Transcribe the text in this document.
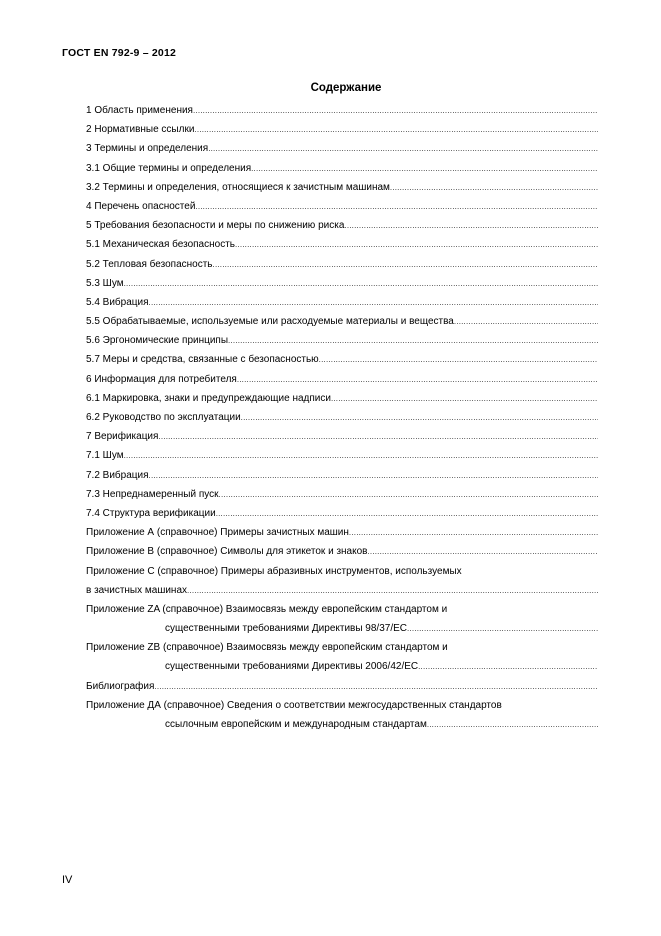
ГОСТ EN 792-9 – 2012
Содержание
1 Область применения
.....
2 Нормативные ссылки
.....
3 Термины и определения
.....
3.1 Общие термины и определения
.....
3.2 Термины и определения, относящиеся к зачистным машинам
.....
4 Перечень опасностей
.....
5 Требования безопасности и меры по снижению риска
.....
5.1 Механическая безопасность
.....
5.2 Тепловая безопасность
.....
5.3 Шум
.....
5.4 Вибрация
.....
5.5 Обрабатываемые, используемые или расходуемые материалы и вещества
.....
5.6 Эргономические принципы
.....
5.7 Меры и средства, связанные с безопасностью
.....
6 Информация для потребителя
.....
6.1 Маркировка, знаки и предупреждающие надписи
.....
6.2 Руководство по эксплуатации
.....
7 Верификация
.....
7.1 Шум
.....
7.2 Вибрация
.....
7.3 Непреднамеренный пуск
.....
7.4 Структура верификации
.....
Приложение А (справочное) Примеры зачистных машин
.....
Приложение В (справочное) Символы для этикеток и знаков
.....
Приложение С (справочное) Примеры абразивных инструментов, используемых
в зачистных машинах
.....
Приложение ZA (справочное) Взаимосвязь между европейским стандартом и
существенными требованиями Директивы 98/37/ЕС
.....
Приложение ZB (справочное) Взаимосвязь между европейским стандартом и
существенными требованиями Директивы 2006/42/ЕС
.....
Библиография
.....
Приложение ДА (справочное) Сведения о соответствии межгосударственных стандартов
ссылочным европейским и международным стандартам
.....
IV
